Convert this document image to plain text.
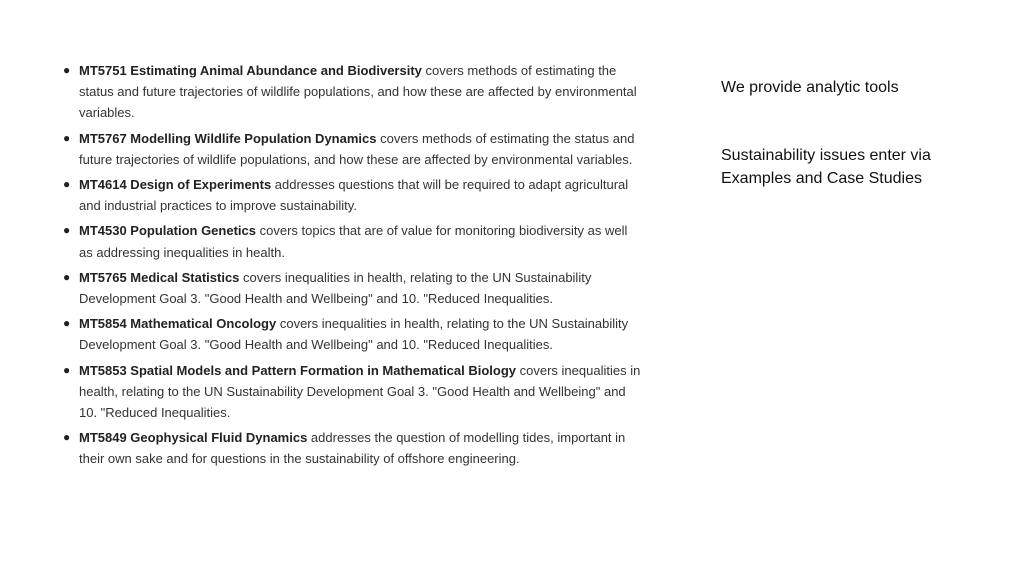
● MT5751 Estimating Animal Abundance and Biodiversity covers methods of estimating the status and future trajectories of wildlife populations, and how these are affected by environmental variables.
● MT5767 Modelling Wildlife Population Dynamics covers methods of estimating the status and future trajectories of wildlife populations, and how these are affected by environmental variables.
● MT4614 Design of Experiments addresses questions that will be required to adapt agricultural and industrial practices to improve sustainability.
● MT4530 Population Genetics covers topics that are of value for monitoring biodiversity as well as addressing inequalities in health.
● MT5765 Medical Statistics covers inequalities in health, relating to the UN Sustainability Development Goal 3. "Good Health and Wellbeing" and 10. "Reduced Inequalities.
● MT5854 Mathematical Oncology covers inequalities in health, relating to the UN Sustainability Development Goal 3. "Good Health and Wellbeing" and 10. "Reduced Inequalities.
● MT5853 Spatial Models and Pattern Formation in Mathematical Biology covers inequalities in health, relating to the UN Sustainability Development Goal 3. "Good Health and Wellbeing" and 10. "Reduced Inequalities.
● MT5849 Geophysical Fluid Dynamics addresses the question of modelling tides, important in their own sake and for questions in the sustainability of offshore engineering.

We provide analytic tools

Sustainability issues enter via
Examples and Case Studies
